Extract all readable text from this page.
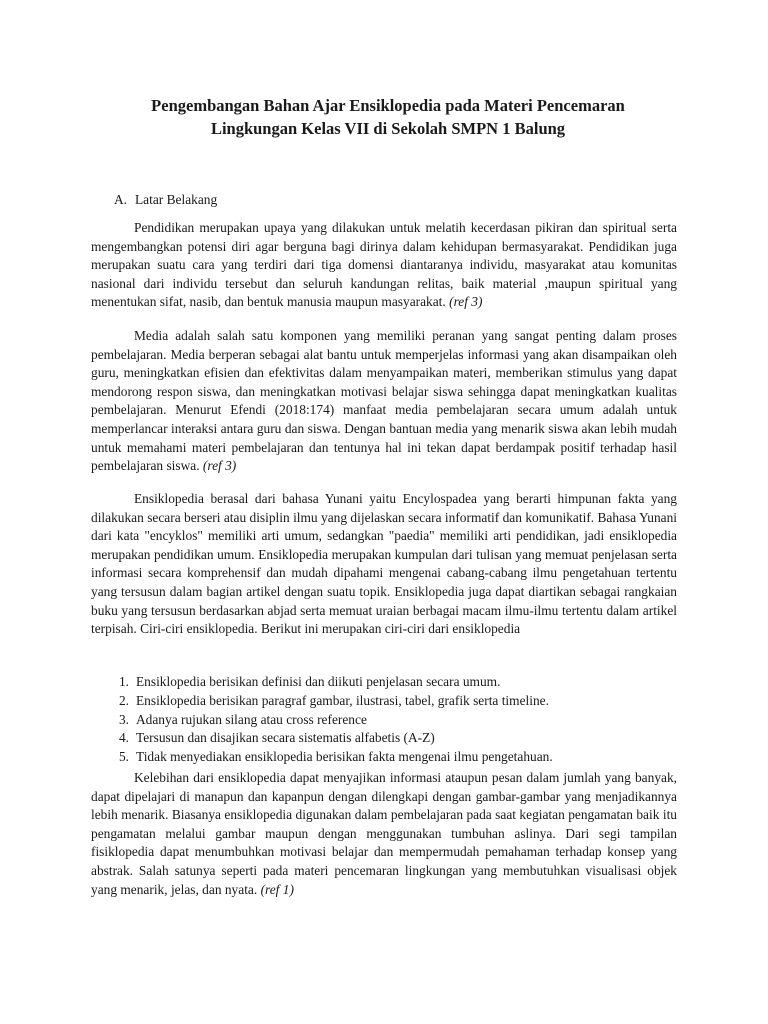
Pengembangan Bahan Ajar Ensiklopedia pada Materi Pencemaran
Lingkungan Kelas VII di Sekolah SMPN 1 Balung
A. Latar Belakang

Pendidikan merupakan upaya yang dilakukan untuk melatih kecerdasan pikiran dan spiritual serta mengembangkan potensi diri agar berguna bagi dirinya dalam kehidupan bermasyarakat. Pendidikan juga merupakan suatu cara yang terdiri dari tiga domensi diantaranya individu, masyarakat atau komunitas nasional dari individu tersebut dan seluruh kandungan relitas, baik material ,maupun spiritual yang menentukan sifat, nasib, dan bentuk manusia maupun masyarakat. (ref 3)

Media adalah salah satu komponen yang memiliki peranan yang sangat penting dalam proses pembelajaran. Media berperan sebagai alat bantu untuk memperjelas informasi yang akan disampaikan oleh guru, meningkatkan efisien dan efektivitas dalam menyampaikan materi, memberikan stimulus yang dapat mendorong respon siswa, dan meningkatkan motivasi belajar siswa sehingga dapat meningkatkan kualitas pembelajaran. Menurut Efendi (2018:174) manfaat media pembelajaran secara umum adalah untuk memperlancar interaksi antara guru dan siswa. Dengan bantuan media yang menarik siswa akan lebih mudah untuk memahami materi pembelajaran dan tentunya hal ini tekan dapat berdampak positif terhadap hasil pembelajaran siswa. (ref 3)

Ensiklopedia berasal dari bahasa Yunani yaitu Encylospadea yang berarti himpunan fakta yang dilakukan secara berseri atau disiplin ilmu yang dijelaskan secara informatif dan komunikatif. Bahasa Yunani dari kata "encyklos" memiliki arti umum, sedangkan "paedia" memiliki arti pendidikan, jadi ensiklopedia merupakan pendidikan umum. Ensiklopedia merupakan kumpulan dari tulisan yang memuat penjelasan serta informasi secara komprehensif dan mudah dipahami mengenai cabang-cabang ilmu pengetahuan tertentu yang tersusun dalam bagian artikel dengan suatu topik. Ensiklopedia juga dapat diartikan sebagai rangkaian buku yang tersusun berdasarkan abjad serta memuat uraian berbagai macam ilmu-ilmu tertentu dalam artikel terpisah. Ciri-ciri ensiklopedia. Berikut ini merupakan ciri-ciri dari ensiklopedia

1. Ensiklopedia berisikan definisi dan diikuti penjelasan secara umum.
2. Ensiklopedia berisikan paragraf gambar, ilustrasi, tabel, grafik serta timeline.
3. Adanya rujukan silang atau cross reference
4. Tersusun dan disajikan secara sistematis alfabetis (A-Z)
5. Tidak menyediakan ensiklopedia berisikan fakta mengenai ilmu pengetahuan.

Kelebihan dari ensiklopedia dapat menyajikan informasi ataupun pesan dalam jumlah yang banyak, dapat dipelajari di manapun dan kapanpun dengan dilengkapi dengan gambar-gambar yang menjadikannya lebih menarik. Biasanya ensiklopedia digunakan dalam pembelajaran pada saat kegiatan pengamatan baik itu pengamatan melalui gambar maupun dengan menggunakan tumbuhan aslinya. Dari segi tampilan fisiklopedia dapat menumbuhkan motivasi belajar dan mempermudah pemahaman terhadap konsep yang abstrak. Salah satunya seperti pada materi pencemaran lingkungan yang membutuhkan visualisasi objek yang menarik, jelas, dan nyata. (ref 1)
